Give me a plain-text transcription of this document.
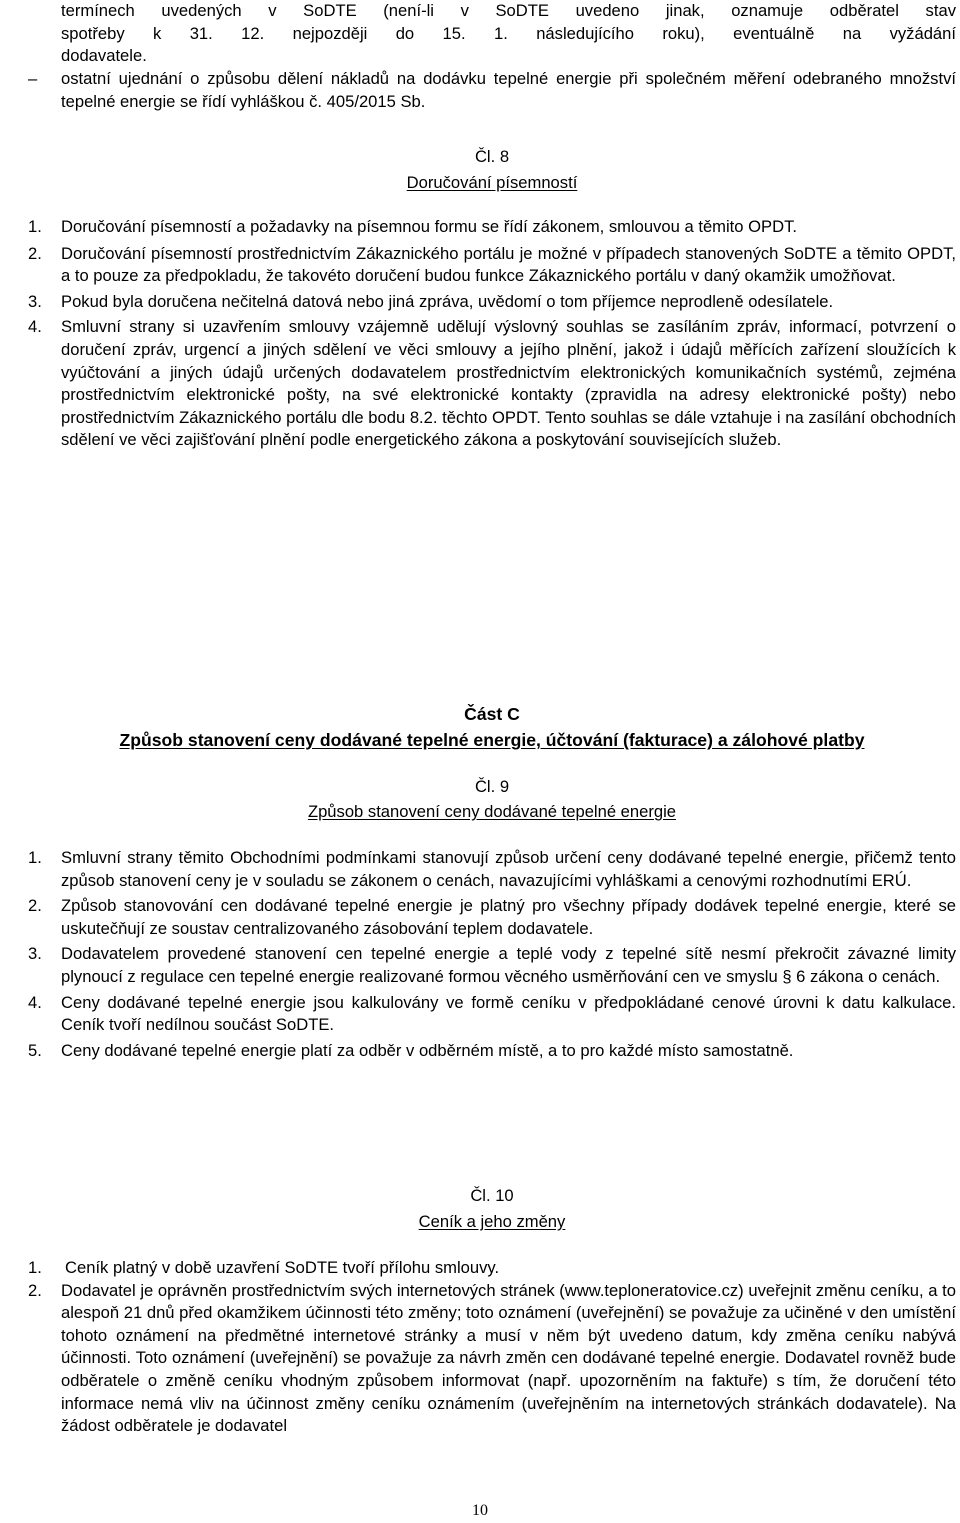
termínech uvedených v SoDTE (není-li v SoDTE uvedeno jinak, oznamuje odběratel stav
spotřeby k 31. 12. nejpozději do 15. 1. následujícího roku), eventuálně na vyžádání
dodavatele.
– ostatní ujednání o způsobu dělení nákladů na dodávku tepelné energie při společném měření odebraného množství tepelné energie se řídí vyhláškou č. 405/2015 Sb.
Čl. 8
Doručování písemností
1. Doručování písemností a požadavky na písemnou formu se řídí zákonem, smlouvou a těmito OPDT.
2. Doručování písemností prostřednictvím Zákaznického portálu je možné v případech stanovených SoDTE a těmito OPDT, a to pouze za předpokladu, že takovéto doručení budou funkce Zákaznického portálu v daný okamžik umožňovat.
3. Pokud byla doručena nečitelná datová nebo jiná zpráva, uvědomí o tom příjemce neprodleně odesílatele.
4. Smluvní strany si uzavřením smlouvy vzájemně udělují výslovný souhlas se zasíláním zpráv, informací, potvrzení o doručení zpráv, urgencí a jiných sdělení ve věci smlouvy a jejího plnění, jakož i údajů měřících zařízení sloužících k vyúčtování a jiných údajů určených dodavatelem prostřednictvím elektronických komunikačních systémů, zejména prostřednictvím elektronické pošty, na své elektronické kontakty (zpravidla na adresy elektronické pošty) nebo prostřednictvím Zákaznického portálu dle bodu 8.2. těchto OPDT. Tento souhlas se dále vztahuje i na zasílání obchodních sdělení ve věci zajišťování plnění podle energetického zákona a poskytování souvisejících služeb.
Část C
Způsob stanovení ceny dodávané tepelné energie, účtování (fakturace) a zálohové platby
Čl. 9
Způsob stanovení ceny dodávané tepelné energie
1. Smluvní strany těmito Obchodními podmínkami stanovují způsob určení ceny dodávané tepelné energie, přičemž tento způsob stanovení ceny je v souladu se zákonem o cenách, navazujícími vyhláškami a cenovými rozhodnutími ERÚ.
2. Způsob stanovování cen dodávané tepelné energie je platný pro všechny případy dodávek tepelné energie, které se uskutečňují ze soustav centralizovaného zásobování teplem dodavatele.
3. Dodavatelem provedené stanovení cen tepelné energie a teplé vody z tepelné sítě nesmí překročit závazné limity plynoucí z regulace cen tepelné energie realizované formou věcného usměrňování cen ve smyslu § 6 zákona o cenách.
4. Ceny dodávané tepelné energie jsou kalkulovány ve formě ceníku v předpokládané cenové úrovni k datu kalkulace. Ceník tvoří nedílnou součást SoDTE.
5. Ceny dodávané tepelné energie platí za odběr v odběrném místě, a to pro každé místo samostatně.
Čl. 10
Ceník a jeho změny
1. Ceník platný v době uzavření SoDTE tvoří přílohu smlouvy.
2. Dodavatel je oprávněn prostřednictvím svých internetových stránek (www.teploneratovice.cz) uveřejnit změnu ceníku, a to alespoň 21 dnů před okamžikem účinnosti této změny; toto oznámení (uveřejnění) se považuje za učiněné v den umístění tohoto oznámení na předmětné internetové stránky a musí v něm být uvedeno datum, kdy změna ceníku nabývá účinnosti. Toto oznámení (uveřejnění) se považuje za návrh změn cen dodávané tepelné energie. Dodavatel rovněž bude odběratele o změně ceníku vhodným způsobem informovat (např. upozorněním na faktuře) s tím, že doručení této informace nemá vliv na účinnost změny ceníku oznámením (uveřejněním na internetových stránkách dodavatele). Na žádost odběratele je dodavatel
10
